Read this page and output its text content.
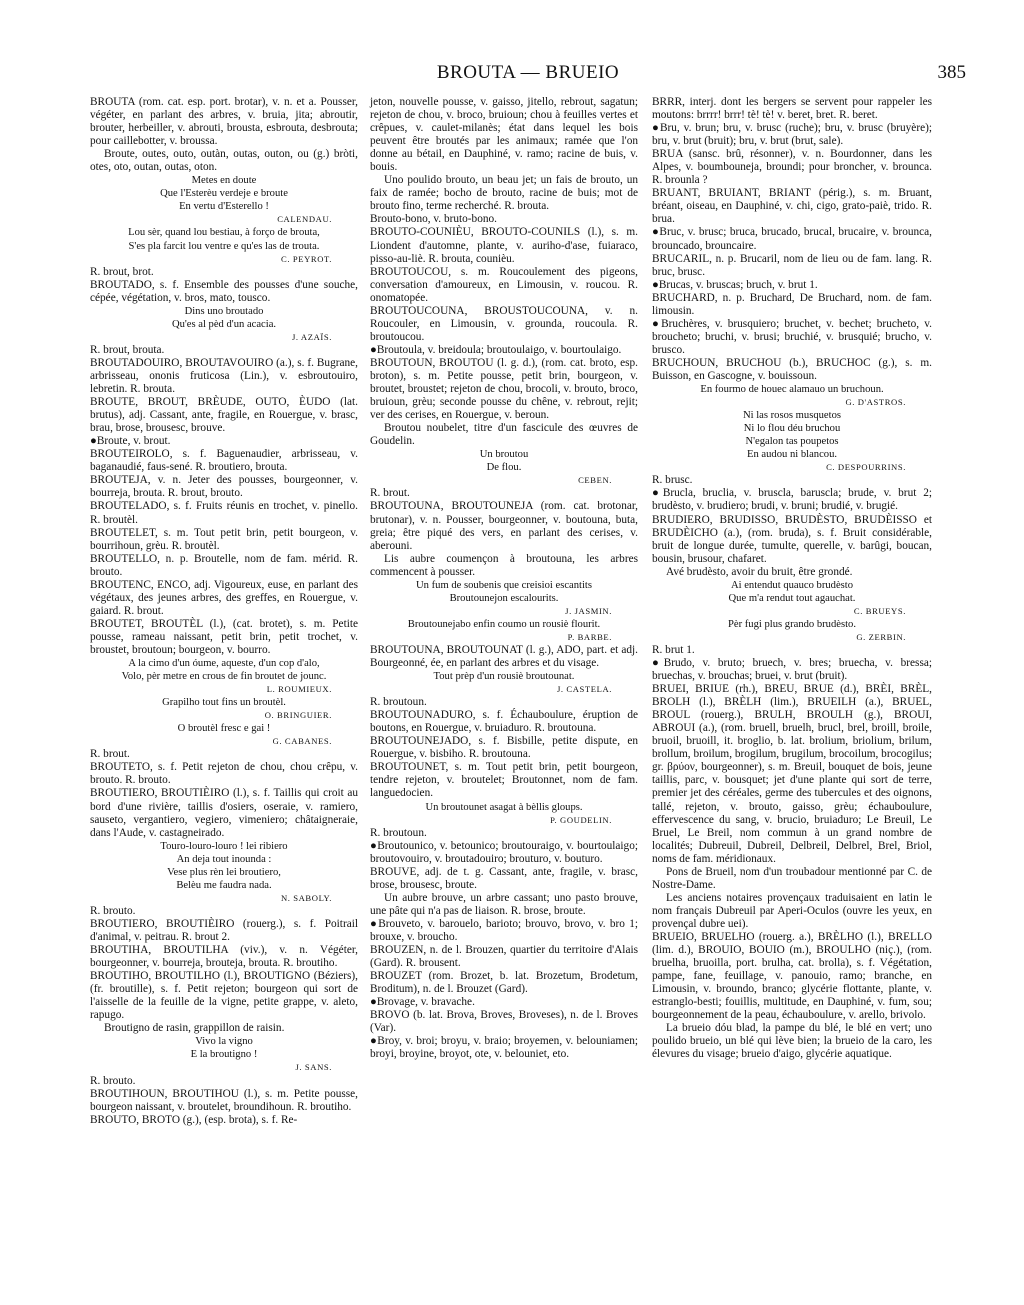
BROUTA — BRUEIO	385

BROUTA (rom. cat. esp. port. brotar), v. n. et a. Pousser, végéter, en parlant des arbres, v. bruia, jita; abroutir, brouter, herbeiller, v. abrouti, brousta, esbrouta, desbrouta; pour caillebotter, v. broussa.

Broute, outes, outo, outàn, outas, outon, ou (g.) bròti, otes, oto, outan, outas, oton.

Metes en doute

Que l'Esterèu verdeje e broute

En vertu d'Esterello !

CALENDAU.

Lou sèr, quand lou bestiau, à forço de brouta,

S'es pla farcit lou ventre e qu'es las de trouta.

C. PEYROT.

R. brout, brot.

BROUTADO, s. f. Ensemble des pousses d'une souche, cépée, végétation, v. bros, mato, tousco.

Dins uno broutado

Qu'es al pèd d'un acacia.

J. AZAÏS.

R. brout, brouta.

BROUTADOUIRO, BROUTAVOUIRO (a.), s. f. Bugrane, arbrisseau, ononis fruticosa (Lin.), v. esbroutouiro, lebretin. R. brouta.

BROUTE, BROUT, BRÈUDE, OUTO, ÈUDO (lat. brutus), adj. Cassant, ante, fragile, en Rouergue, v. brasc, brau, brose, brousesc, brouve.

●Broute, v. brout.

BROUTEIROLO, s. f. Baguenaudier, arbrisseau, v. baganaudié, faus-sené. R. broutiero, brouta.

BROUTEJA, v. n. Jeter des pousses, bourgeonner, v. bourreja, brouta. R. brout, brouto.

BROUTELADO, s. f. Fruits réunis en trochet, v. pinello. R. broutèl.

BROUTELET, s. m. Tout petit brin, petit bourgeon, v. bourrihoun, grèu. R. broutèl.

BROUTELLO, n. p. Broutelle, nom de fam. mérid. R. brouto.

BROUTENC, ENCO, adj. Vigoureux, euse, en parlant des végétaux, des jeunes arbres, des greffes, en Rouergue, v. gaiard. R. brout.

BROUTET, BROUTÈL (l.), (cat. brotet), s. m. Petite pousse, rameau naissant, petit brin, petit trochet, v. broustet, broutoun; bourgeon, v. bourro.

A la cimo d'un óume, aqueste, d'un cop d'alo,

Volo, pèr metre en crous de fin broutet de jounc.

L. ROUMIEUX.

Grapilho tout fins un broutèl.

O. BRINGUIER.

O broutèl fresc e gai !

G. CABANES.

R. brout.

BROUTETO, s. f. Petit rejeton de chou, chou crêpu, v. brouto. R. brouto.

BROUTIERO, BROUTIÈIRO (l.), s. f. Taillis qui croit au bord d'une rivière, taillis d'osiers, oseraie, v. ramiero, sauseto, vergantiero, vegiero, vimeniero; châtaigneraie, dans l'Aude, v. castagneirado.

Touro-louro-louro ! lei ribiero

An deja tout inounda :

Vese plus rèn lei broutiero,

Belèu me faudra nada.

N. SABOLY.

R. brouto.

BROUTIERO, BROUTIÈIRO (rouerg.), s. f. Poitrail d'animal, v. peitrau. R. brout 2.

BROUTIHA, BROUTILHA (viv.), v. n. Végéter, bourgeonner, v. bourreja, brouteja, brouta. R. broutiho.

BROUTIHO, BROUTILHO (l.), BROUTIGNO (Béziers), (fr. broutille), s. f. Petit rejeton; bourgeon qui sort de l'aisselle de la feuille de la vigne, petite grappe, v. aleto, rapugo.

Broutigno de rasin, grappillon de raisin.

Vivo la vigno

E la broutigno !

J. SANS.

R. brouto.

BROUTIHOUN, BROUTIHOU (l.), s. m. Petite pousse, bourgeon naissant, v. broutelet, broundihoun. R. broutiho.

BROUTO, BROTO (g.), (esp. brota), s. f. Re-

jeton, nouvelle pousse, v. gaisso, jitello, rebrout, sagatun; rejeton de chou, v. broco, bruioun; chou à feuilles vertes et crêpues, v. caulet-milanès; état dans lequel les bois peuvent être broutés par les animaux; ramée que l'on donne au bétail, en Dauphiné, v. ramo; racine de buis, v. bouis.

Uno poulido brouto, un beau jet; un fais de brouto, un faix de ramée; bocho de brouto, racine de buis; mot de brouto fino, terme recherché. R. brouta.

Brouto-bono, v. bruto-bono.

BROUTO-COUNIÈU, BROUTO-COUNILS (l.), s. m. Liondent d'automne, plante, v. auriho-d'ase, fuiaraco, pisso-au-liè. R. brouta, counièu.

BROUTOUCOU, s. m. Roucoulement des pigeons, conversation d'amoureux, en Limousin, v. roucou. R. onomatopée.

BROUTOUCOUNA, BROUSTOUCOUNA, v. n. Roucouler, en Limousin, v. grounda, roucoula. R. broutoucou.

●Broutoula, v. breidoula; broutoulaigo, v. bourtoulaigo.

BROUTOUN, BROUTOU (l. g. d.), (rom. cat. broto, esp. broton), s. m. Petite pousse, petit brin, bourgeon, v. broutet, broustet; rejeton de chou, brocoli, v. brouto, broco, bruioun, grèu; seconde pousse du chêne, v. rebrout, rejit; ver des cerises, en Rouergue, v. beroun.

Broutou noubelet, titre d'un fascicule des œuvres de Goudelin.

Un broutou

De flou.

CEBEN.

R. brout.

BROUTOUNA, BROUTOUNEJA (rom. cat. brotonar, brutonar), v. n. Pousser, bourgeonner, v. boutouna, buta, greia; être piqué des vers, en parlant des cerises, v. aberouni.

Lis aubre coumençon à broutouna, les arbres commencent à pousser.

Un fum de soubenis que creisioi escantits

Broutounejon escalourits.

J. JASMIN.

Broutounejabo enfin coumo un rousiè flourit.

P. BARBE.

BROUTOUNA, BROUTOUNAT (l. g.), ADO, part. et adj. Bourgeonné, ée, en parlant des arbres et du visage.

Tout prèp d'un rousiè broutounat.

J. CASTELA.

R. broutoun.

BROUTOUNADURO, s. f. Échauboulure, éruption de boutons, en Rouergue, v. bruiaduro. R. broutouna.

BROUTOUNEJADO, s. f. Bisbille, petite dispute, en Rouergue, v. bisbiho. R. broutouna.

BROUTOUNET, s. m. Tout petit brin, petit bourgeon, tendre rejeton, v. broutelet; Broutonnet, nom de fam. languedocien.

Un broutounet asagat à bèllis gloups.

P. GOUDELIN.

R. broutoun.

●Broutounico, v. betounico; broutouraigo, v. bourtoulaigo; broutovouiro, v. broutadouiro; brouturo, v. bouturo.

BROUVE, adj. de t. g. Cassant, ante, fragile, v. brasc, brose, brousesc, broute.

Un aubre brouve, un arbre cassant; uno pasto brouve, une pâte qui n'a pas de liaison. R. brose, broute.

●Brouveto, v. barouelo, barioto; brouvo, brovo, v. bro 1; brouxe, v. broucho.

BROUZEN, n. de l. Brouzen, quartier du territoire d'Alais (Gard). R. brousent.

BROUZET (rom. Brozet, b. lat. Brozetum, Brodetum, Broditum), n. de l. Brouzet (Gard).

●Brovage, v. bravache.

BROVO (b. lat. Brova, Broves, Broveses), n. de l. Broves (Var).

●Broy, v. broi; broyu, v. braio; broyemen, v. belouniamen; broyi, broyine, broyot, ote, v. belouniet, eto.

BRRR, interj. dont les bergers se servent pour rappeler les moutons: brrrr! brrr! tè! tè! v. beret, bret. R. beret.

●Bru, v. brun; bru, v. brusc (ruche); bru, v. brusc (bruyère); bru, v. brut (bruit); bru, v. brut (brut, sale).

BRUA (sansc. brû, résonner), v. n. Bourdonner, dans les Alpes, v. boumbouneja, broundi; pour broncher, v. brounca. R. brounla ?

BRUANT, BRUIANT, BRIANT (périg.), s. m. Bruant, bréant, oiseau, en Dauphiné, v. chi, cigo, grato-paiè, trido. R. brua.

●Bruc, v. brusc; bruca, brucado, brucal, brucaire, v. brounca, brouncado, brouncaire.

BRUCARIL, n. p. Brucaril, nom de lieu ou de fam. lang. R. bruc, brusc.

●Brucas, v. bruscas; bruch, v. brut 1.

BRUCHARD, n. p. Bruchard, De Bruchard, nom. de fam. limousin.

●Bruchères, v. brusquiero; bruchet, v. bechet; brucheto, v. broucheto; bruchi, v. brusi; bruchié, v. brusquié; brucho, v. brusco.

BRUCHOUN, BRUCHOU (b.), BRUCHOC (g.), s. m. Buisson, en Gascogne, v. bouissoun.

En fourmo de houec alamauo un bruchoun.

G. D'ASTROS.

Ni las rosos musquetos

Ni lo flou déu bruchou

N'egalon tas poupetos

En audou ni blancou.

C. DESPOURRINS.

R. brusc.

●Brucla, bruclia, v. bruscla, baruscla; brude, v. brut 2; brudèsto, v. brudiero; brudi, v. bruni; brudié, v. brugié.

BRUDIERO, BRUDISSO, BRUDÈSTO, BRUDÈISSO et BRUDÈICHO (a.), (rom. bruda), s. f. Bruit considérable, bruit de longue durée, tumulte, querelle, v. barûgi, boucan, bousin, brusour, chafaret.

Avé brudèsto, avoir du bruit, être grondé.

Ai entendut quauco brudèsto

Que m'a rendut tout agauchat.

C. BRUEYS.

Pèr fugi plus grando brudèsto.

G. ZERBIN.

R. brut 1.

●Brudo, v. bruto; bruech, v. bres; bruecha, v. bressa; bruechas, v. brouchas; bruei, v. brut (bruit).

BRUEI, BRIUE (rh.), BREU, BRUE (d.), BRÈI, BRÈL, BROLH (l.), BRÈLH (lim.), BRUEILH (a.), BRUEL, BROUL (rouerg.), BRULH, BROULH (g.), BROUI, ABROUI (a.), (rom. bruell, bruelh, brucl, brel, broill, broile, bruoil, bruoill, it. broglio, b. lat. brolium, briolium, brilum, brollum, broilum, brogilum, brugilum, brocoilum, brocogilus; gr. βρύον, bourgeonner), s. m. Breuil, bouquet de bois, jeune taillis, parc, v. bousquet; jet d'une plante qui sort de terre, premier jet des céréales, germe des tubercules et des oignons, tallé, rejeton, v. brouto, gaisso, grèu; échauboulure, effervescence du sang, v. brucio, bruiaduro; Le Breuil, Le Bruel, Le Breil, nom commun à un grand nombre de localités; Dubreuil, Dubreil, Delbreil, Delbrel, Brel, Briol, noms de fam. méridionaux.

Pons de Brueil, nom d'un troubadour mentionné par C. de Nostre-Dame.

Les anciens notaires provençaux traduisaient en latin le nom français Dubreuil par Aperi-Oculos (ouvre les yeux, en provençal dubre uei).

BRUEIO, BRUELHO (rouerg. a.), BRÈLHO (l.), BRELLO (lim. d.), BROUIO, BOUIO (m.), BROULHO (niç.), (rom. bruelha, bruoilla, port. brulha, cat. brolla), s. f. Végétation, pampe, fane, feuillage, v. panouio, ramo; branche, en Limousin, v. broundo, branco; glycérie flottante, plante, v. estranglo-besti; fouillis, multitude, en Dauphiné, v. fum, sou; bourgeonnement de la peau, échauboulure, v. arello, brivolo.

La brueio dóu blad, la pampe du blé, le blé en vert; uno poulido brueio, un blé qui lève bien; la brueio de la caro, les élevures du visage; brueio d'aigo, glycérie aquatique.
